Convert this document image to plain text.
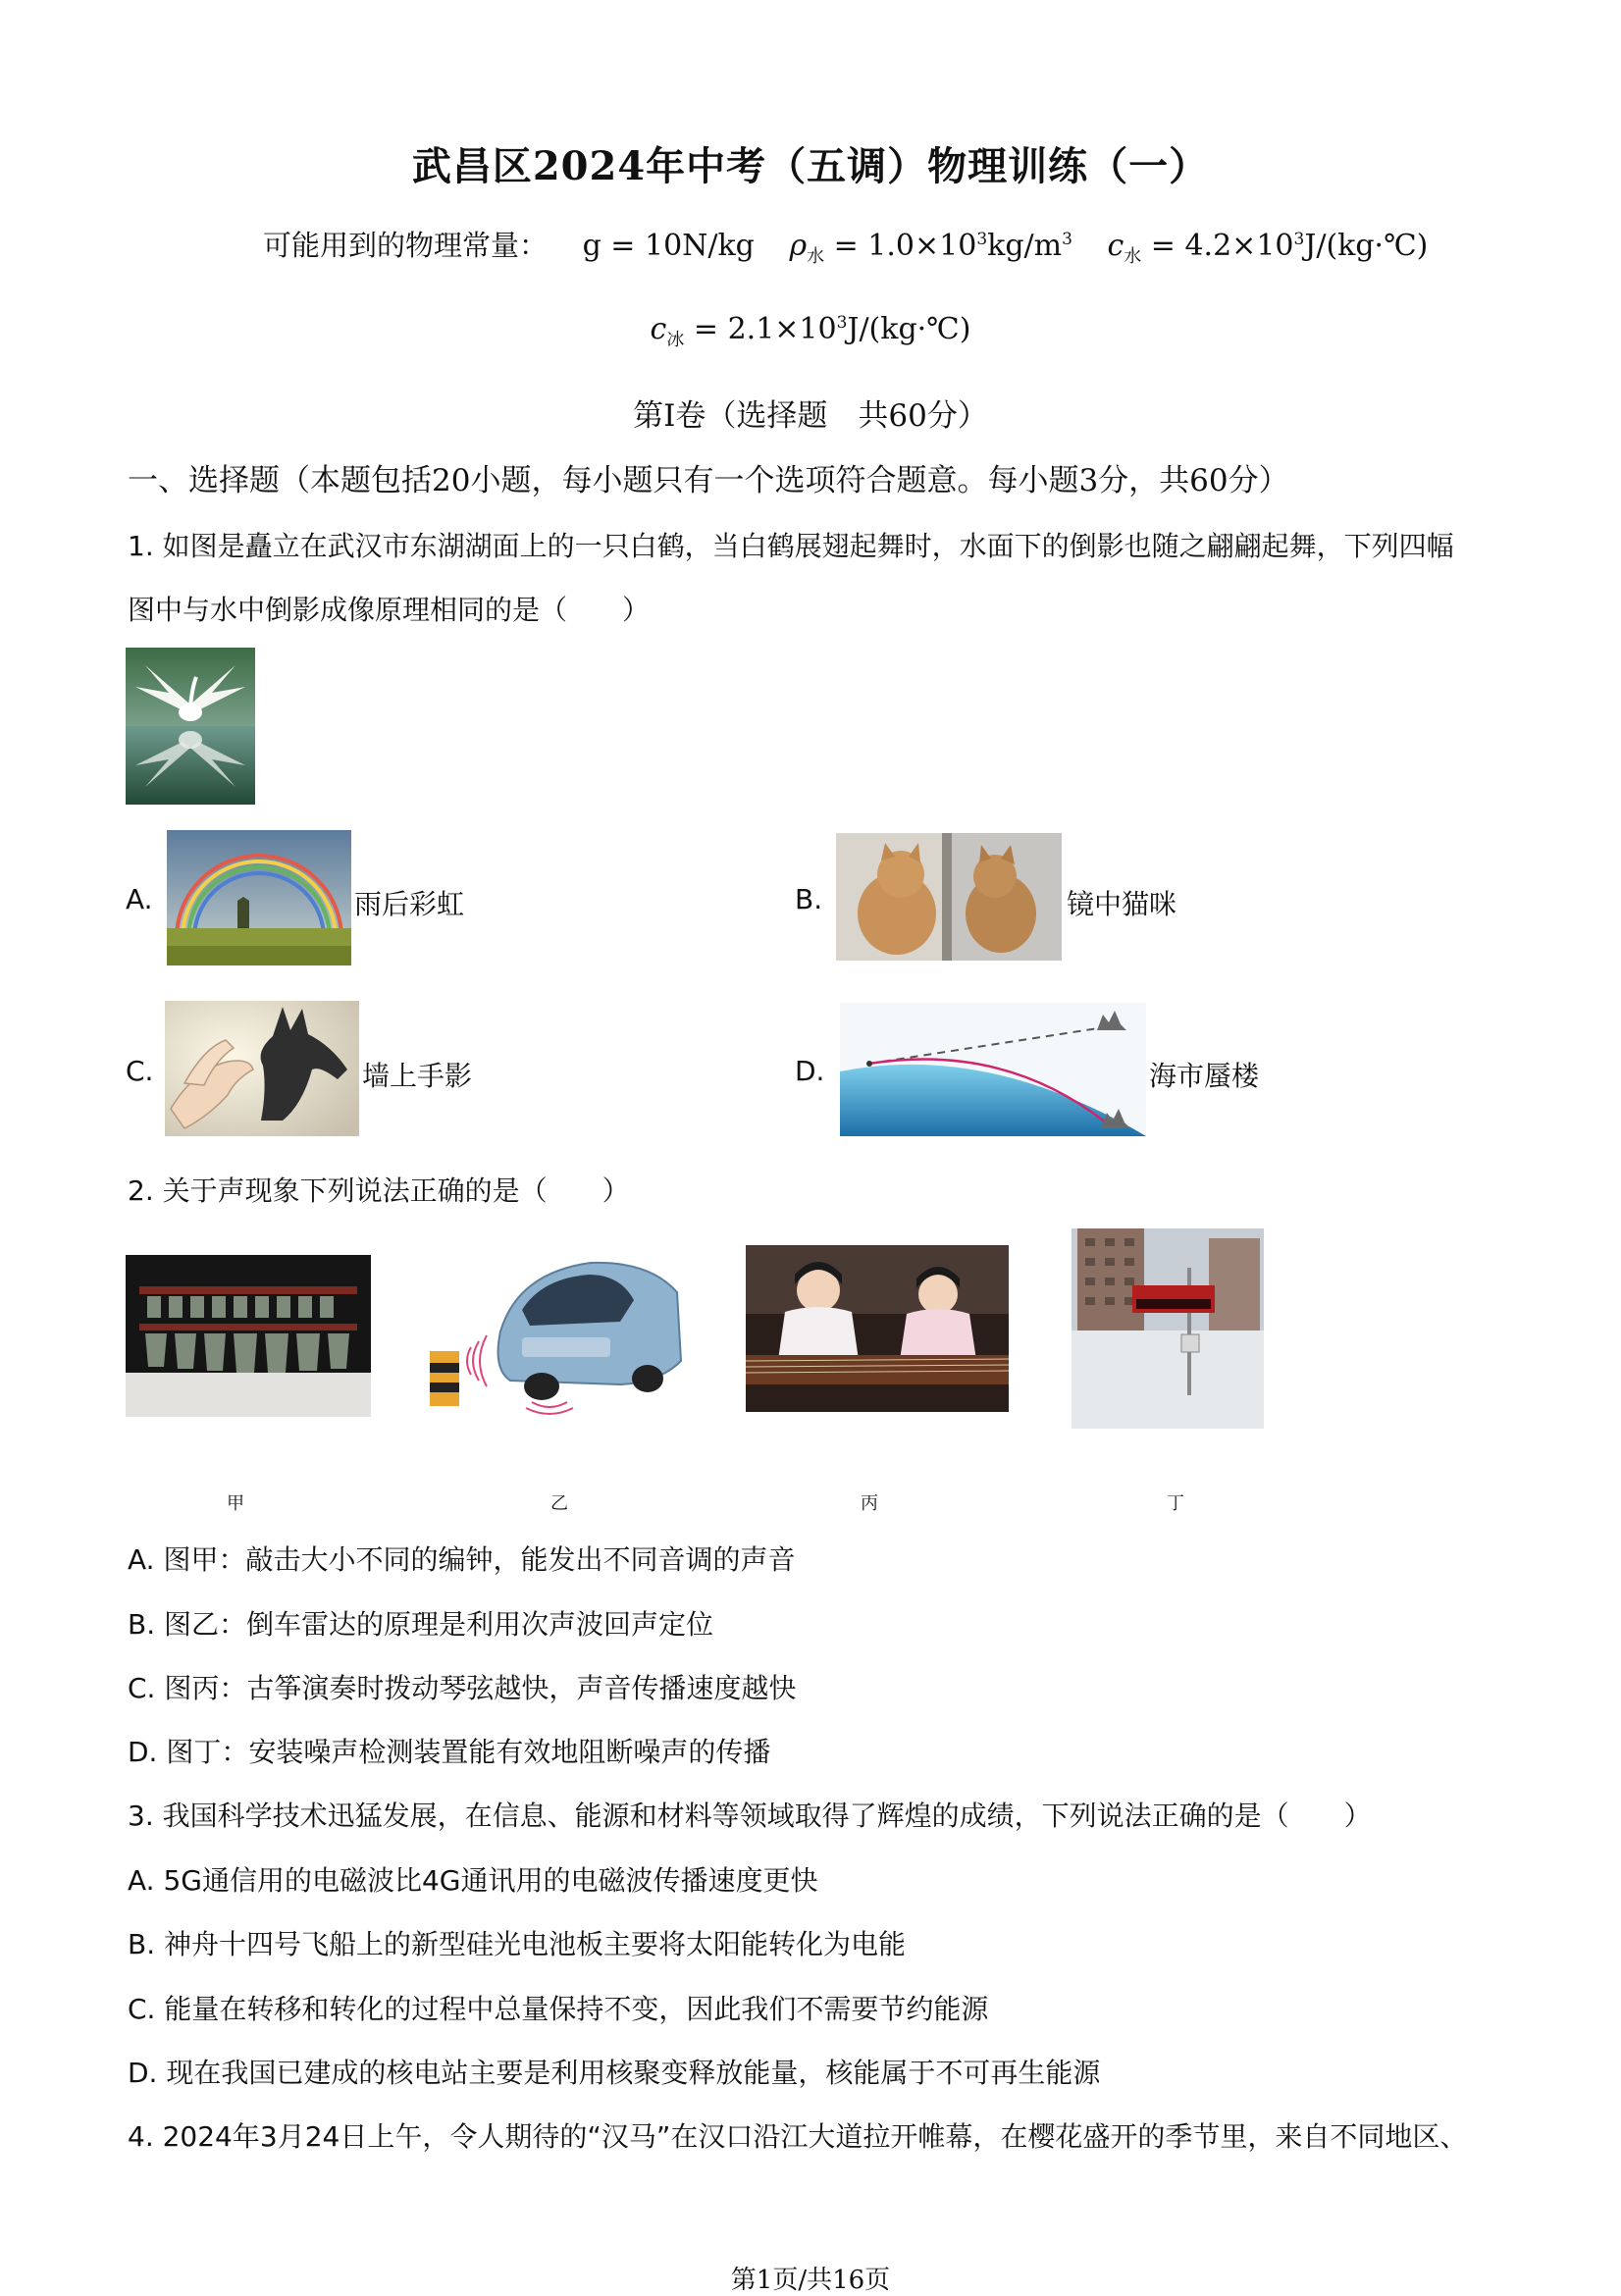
武昌区2024年中考（五调）物理训练（一）
可能用到的物理常量： g = 10N/kg $\rho_水 = 1.0\times 10^3kg/m^3$ $c_水$ = $4.2\times 10^3J/(kg\cdot℃)$
$c_冰$ = $2.1\times 10^3J/(kg\cdot℃)$
第Ⅰ卷（选择题　共60分）
一、选择题（本题包括20小题，每小题只有一个选项符合题意。每小题3分，共60分）
1. 如图是矗立在武汉市东湖湖面上的一只白鹤，当白鹤展翅起舞时，水面下的倒影也随之翩翩起舞，下列四幅
图中与水中倒影成像原理相同的是（　　）
A.	雨后彩虹	B.	镜中猫咪
C.	墙上手影	D.	海市蜃楼
2. 关于声现象下列说法正确的是（　　）
甲	乙	丙	丁
A. 图甲：敲击大小不同的编钟，能发出不同音调的声音
B. 图乙：倒车雷达的原理是利用次声波回声定位
C. 图丙：古筝演奏时拨动琴弦越快，声音传播速度越快
D. 图丁：安装噪声检测装置能有效地阻断噪声的传播
3. 我国科学技术迅猛发展，在信息、能源和材料等领域取得了辉煌的成绩，下列说法正确的是（　　）
A. 5G通信用的电磁波比4G通讯用的电磁波传播速度更快
B. 神舟十四号飞船上的新型硅光电池板主要将太阳能转化为电能
C. 能量在转移和转化的过程中总量保持不变，因此我们不需要节约能源
D. 现在我国已建成的核电站主要是利用核聚变释放能量，核能属于不可再生能源
4. 2024年3月24日上午，令人期待的“汉马”在汉口沿江大道拉开帷幕，在樱花盛开的季节里，来自不同地区、
第1页/共16页
